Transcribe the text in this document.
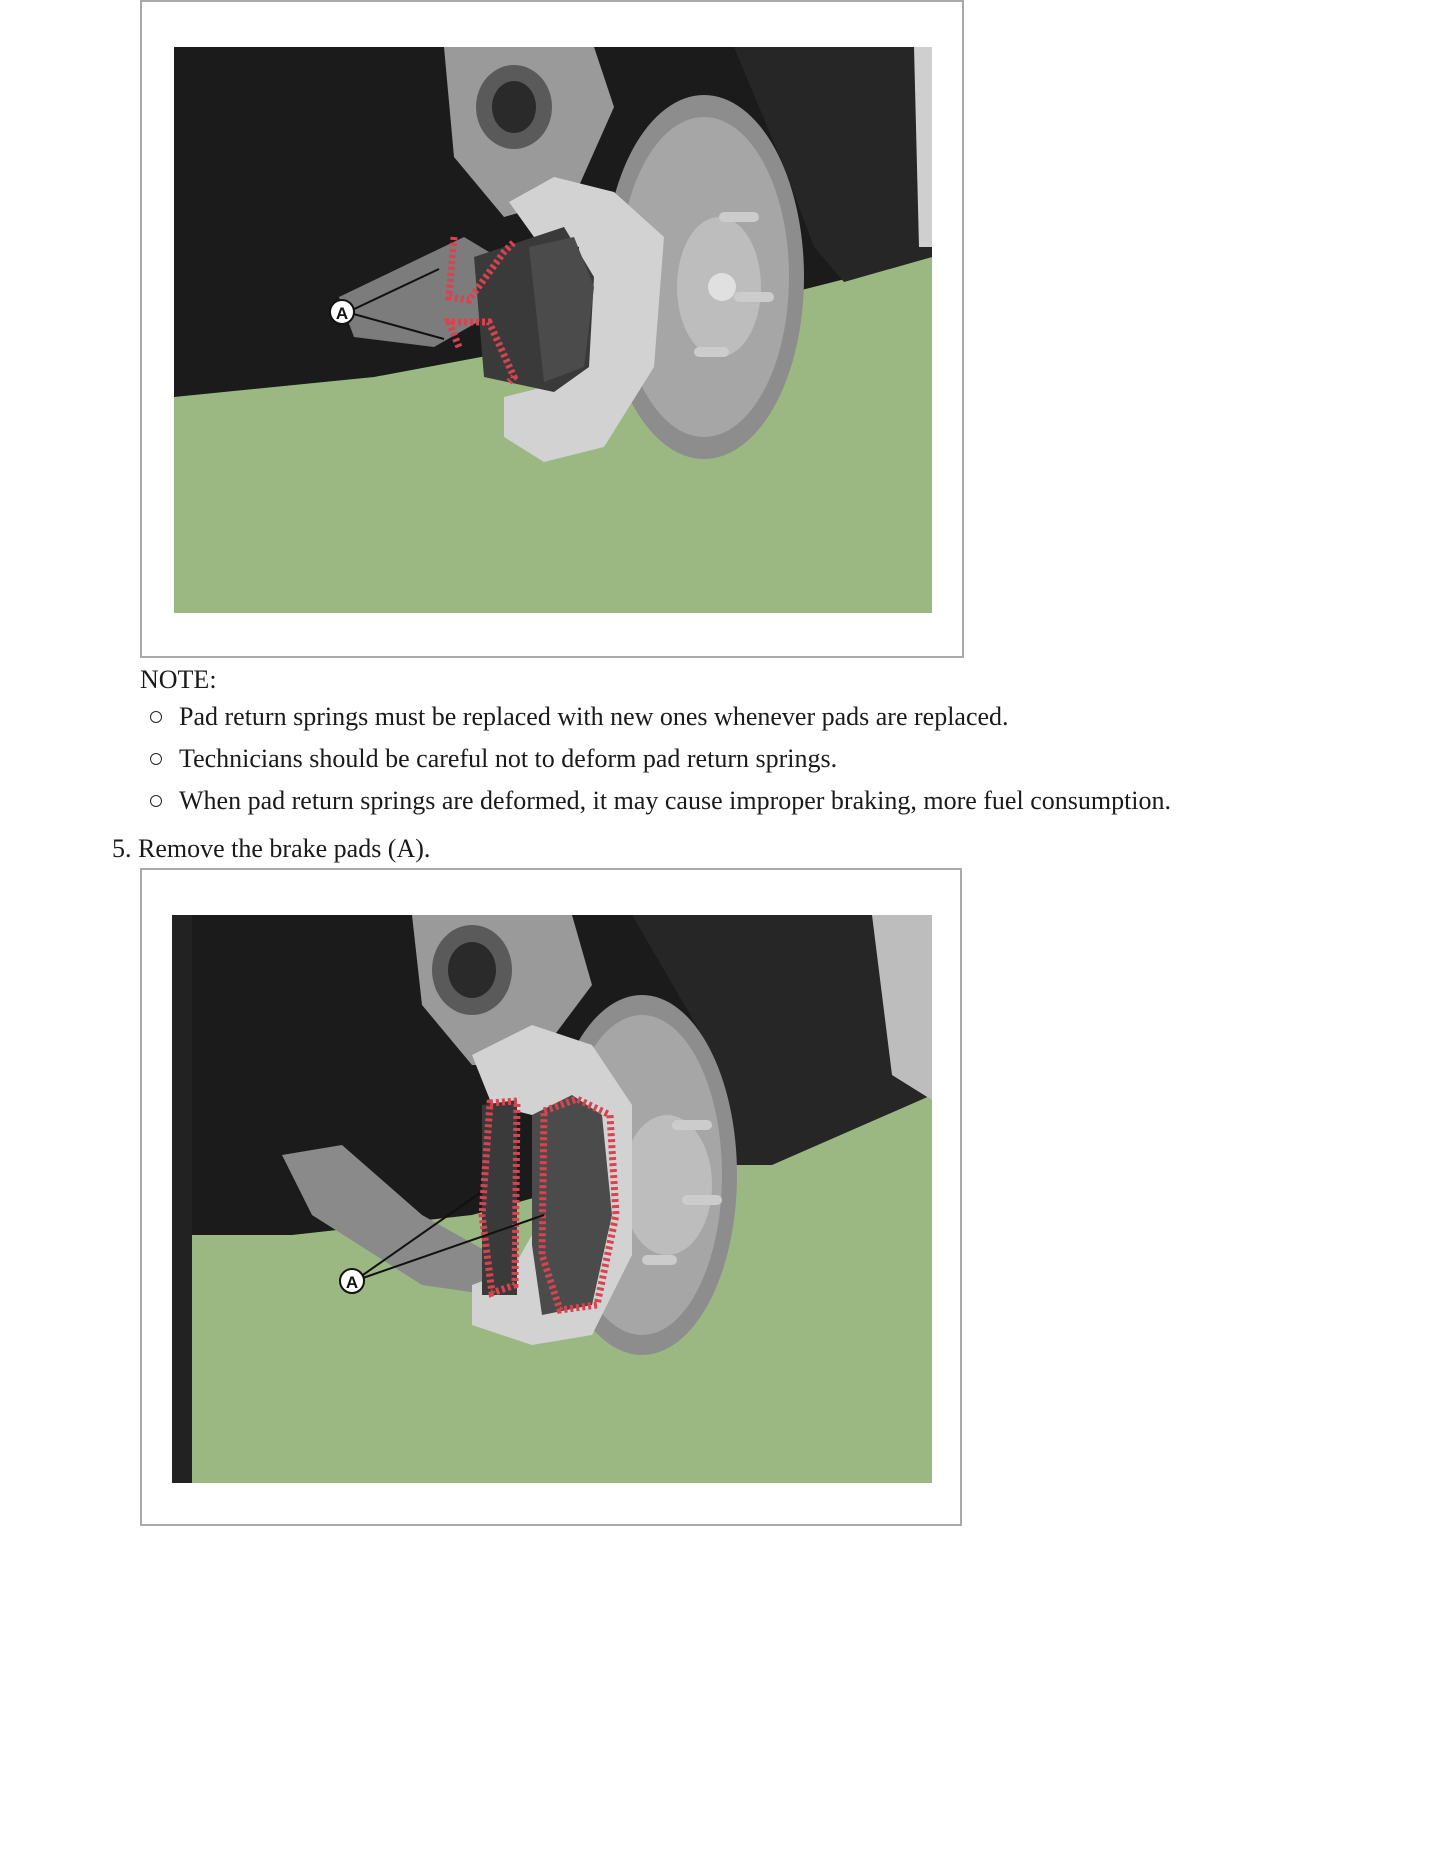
A
NOTE:
Pad return springs must be replaced with new ones whenever pads are replaced.
Technicians should be careful not to deform pad return springs.
When pad return springs are deformed, it may cause improper braking, more fuel consumption.
5. Remove the brake pads (A).
A
